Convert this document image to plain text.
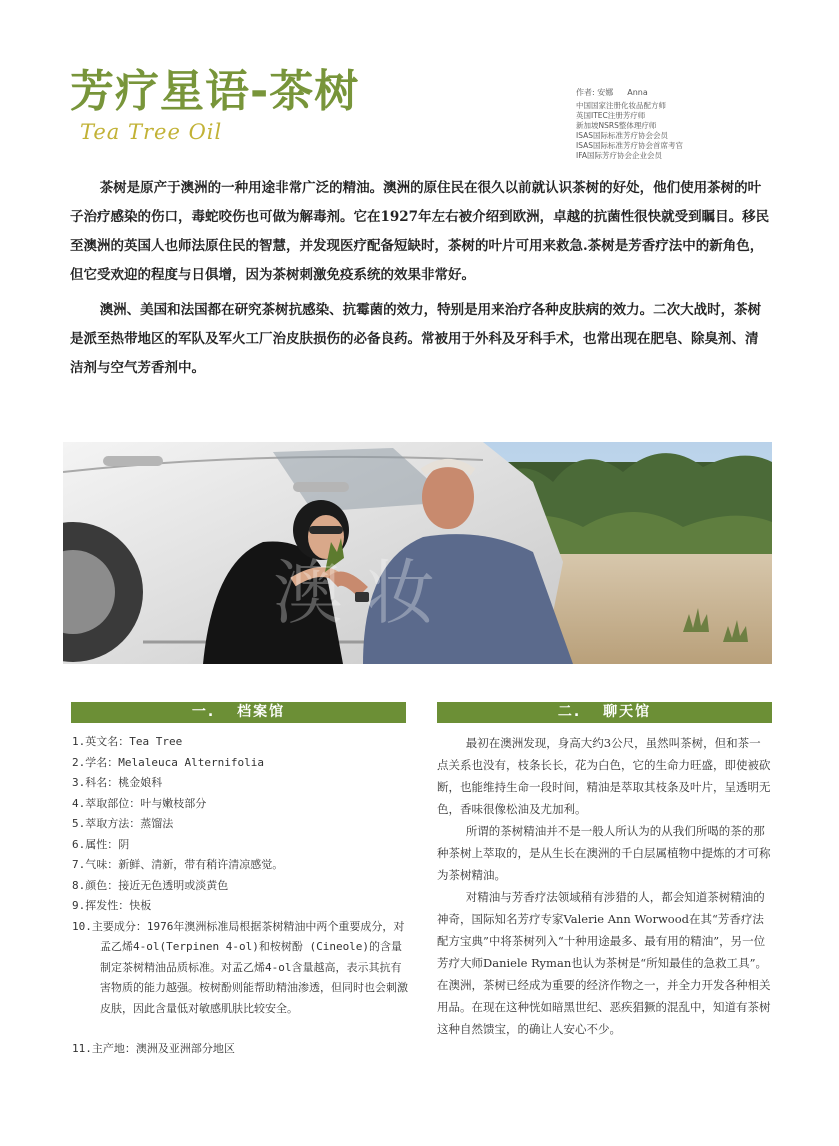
芳疗星语-茶树
Tea Tree Oil
作者: 安娜 Anna
中国国家注册化妆品配方师
英国ITEC注册芳疗师
新加坡NSRS整体理疗师
ISAS国际标准芳疗协会会员
ISAS国际标准芳疗协会首席考官
IFA国际芳疗协会企业会员

茶树是原产于澳洲的一种用途非常广泛的精油。澳洲的原住民在很久以前就认识茶树的好处，他们使用茶树的叶子治疗感染的伤口，毒蛇咬伤也可做为解毒剂。它在1927年左右被介绍到欧洲，卓越的抗菌性很快就受到瞩目。移民至澳洲的英国人也师法原住民的智慧，并发现医疗配备短缺时，茶树的叶片可用来救急.茶树是芳香疗法中的新角色，但它受欢迎的程度与日俱增，因为茶树刺激免疫系统的效果非常好。

澳洲、美国和法国都在研究茶树抗感染、抗霉菌的效力，特别是用来治疗各种皮肤病的效力。二次大战时，茶树是派至热带地区的军队及军火工厂治皮肤损伤的必备良药。常被用于外科及牙科手术，也常出现在肥皂、除臭剂、清洁剂与空气芳香剂中。

澳 妆
一. 档案馆	二. 聊天馆
1.英文名：Tea Tree
2.学名：Melaleuca Alternifolia
3.科名：桃金娘科
4.萃取部位：叶与嫩枝部分
5.萃取方法：蒸馏法
6.属性：阴
7.气味：新鲜、清新，带有稍许清凉感觉。
8.颜色：接近无色透明或淡黄色
9.挥发性：快板
10.主要成分：1976年澳洲标准局根据茶树精油中两个重要成分，对孟乙烯4-ol(Terpinen 4-ol)和桉树酚 (Cineole)的含量制定茶树精油品质标准。对孟乙烯4-ol含量越高，表示其抗有害物质的能力越强。桉树酚则能帮助精油渗透，但同时也会刺激皮肤，因此含量低对敏感肌肤比较安全。
11.主产地：澳洲及亚洲部分地区

最初在澳洲发现，身高大约3公尺，虽然叫茶树，但和茶一点关系也没有，枝条长长，花为白色，它的生命力旺盛，即使被砍断，也能维持生命一段时间，精油是萃取其枝条及叶片，呈透明无色，香味很像松油及尤加利。

所谓的茶树精油并不是一般人所认为的从我们所喝的茶的那种茶树上萃取的，是从生长在澳洲的千白层属植物中提炼的才可称为茶树精油。

对精油与芳香疗法领域稍有涉猎的人，都会知道茶树精油的神奇，国际知名芳疗专家Valerie Ann Worwood在其“芳香疗法配方宝典”中将茶树列入“十种用途最多、最有用的精油”，另一位芳疗大师Daniele Ryman也认为茶树是“所知最佳的急救工具”。在澳洲，茶树已经成为重要的经济作物之一，并全力开发各种相关用品。在现在这种恍如暗黑世纪、恶疾猖獗的混乱中，知道有茶树这种自然馈宝，的确让人安心不少。
